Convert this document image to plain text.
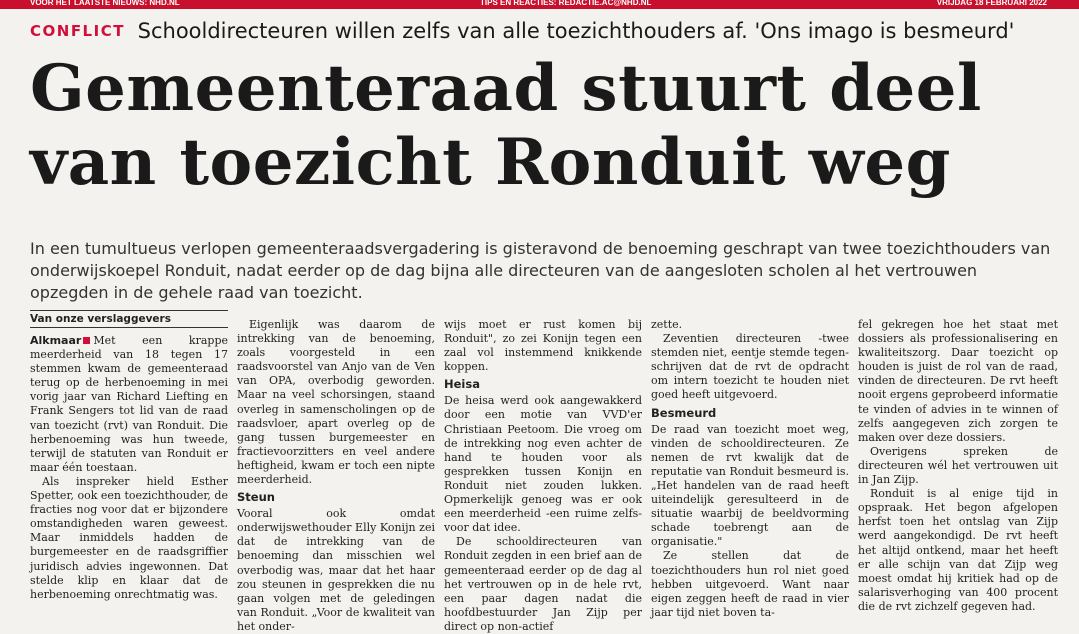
VOOR HET LAATSTE NIEUWS: NHD.NL	TIPS EN REACTIES: REDACTIE.AC@NHD.NL	VRIJDAG 18 FEBRUARI 2022
CONFLICT Schooldirecteuren willen zelfs van alle toezichthouders af. 'Ons imago is besmeurd'
Gemeenteraad stuurt deel
van toezicht Ronduit weg

In een tumultueus verlopen gemeenteraadsvergadering is gisteravond de benoeming geschrapt van twee toezichthouders van onderwijskoepel Ronduit, nadat eerder op de dag bijna alle directeuren van de aangesloten scholen al het vertrouwen opzegden in de gehele raad van toezicht.

Van onze verslaggevers

Alkmaar Met een krappe meerderheid van 18 tegen 17 stemmen kwam de gemeenteraad terug op de herbenoeming in mei vorig jaar van Richard Liefting en Frank Sengers tot lid van de raad van toezicht (rvt) van Ronduit. Die herbenoeming was hun tweede, terwijl de statuten van Ronduit er maar één toestaan.

Als inspreker hield Esther Spetter, ook een toezichthouder, de fracties nog voor dat er bijzondere omstandigheden waren geweest. Maar inmiddels hadden de burgemeester en de raadsgriffier juridisch advies ingewonnen. Dat stelde klip en klaar dat de herbenoeming onrechtmatig was.

Eigenlijk was daarom de intrekking van de benoeming, zoals voorgesteld in een raadsvoorstel van Anjo van de Ven van OPA, overbodig geworden. Maar na veel schorsingen, staand overleg in samenscholingen op de raadsvloer, apart overleg op de gang tussen burgemeester en fractievoorzitters en veel andere heftigheid, kwam er toch een nipte meerderheid.

Steun

Vooral ook omdat onderwijswethouder Elly Konijn zei dat de intrekking van de benoeming dan misschien wel overbodig was, maar dat het haar zou steunen in gesprekken die nu gaan volgen met de geledingen van Ronduit. „Voor de kwaliteit van het onder-

wijs moet er rust komen bij Ronduit", zo zei Konijn tegen een zaal vol instemmend knikkende koppen.

Heisa

De heisa werd ook aangewakkerd door een motie van VVD'er Christiaan Peetoom. Die vroeg om de intrekking nog even achter de hand te houden voor als gesprekken tussen Konijn en Ronduit niet zouden lukken. Opmerkelijk genoeg was er ook een meerderheid -een ruime zelfs- voor dat idee.

De schooldirecteuren van Ronduit zegden in een brief aan de gemeenteraad eerder op de dag al het vertrouwen op in de hele rvt, een paar dagen nadat die hoofdbestuurder Jan Zijp per direct op non-actief

zette.

Zeventien directeuren -twee stemden niet, eentje stemde tegen- schrijven dat de rvt de opdracht om intern toezicht te houden niet goed heeft uitgevoerd.

Besmeurd

De raad van toezicht moet weg, vinden de schooldirecteuren. Ze nemen de rvt kwalijk dat de reputatie van Ronduit besmeurd is. „Het handelen van de raad heeft uiteindelijk geresulteerd in de situatie waarbij de beeldvorming schade toebrengt aan de organisatie."

Ze stellen dat de toezichthouders hun rol niet goed hebben uitgevoerd. Want naar eigen zeggen heeft de raad in vier jaar tijd niet boven ta-

fel gekregen hoe het staat met dossiers als professionalisering en kwaliteitszorg. Daar toezicht op houden is juist de rol van de raad, vinden de directeuren. De rvt heeft nooit ergens geprobeerd informatie te vinden of advies in te winnen of zelfs aangegeven zich zorgen te maken over deze dossiers.

Overigens spreken de directeuren wél het vertrouwen uit in Jan Zijp.

Ronduit is al enige tijd in opspraak. Het begon afgelopen herfst toen het ontslag van Zijp werd aangekondigd. De rvt heeft het altijd ontkend, maar het heeft er alle schijn van dat Zijp weg moest omdat hij kritiek had op de salarisverhoging van 400 procent die de rvt zichzelf gegeven had.
